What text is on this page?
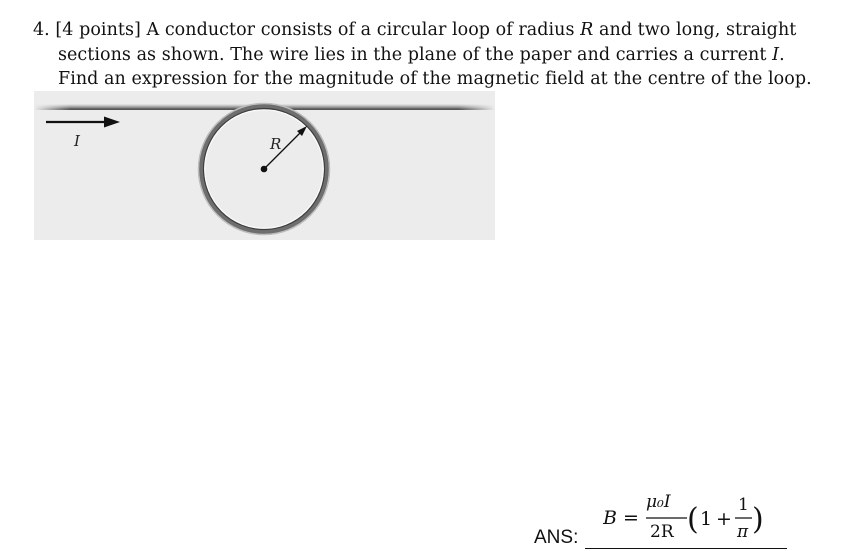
4. [4 points] A conductor consists of a circular loop of radius R and two long, straight
sections as shown. The wire lies in the plane of the paper and carries a current I.
Find an expression for the magnitude of the magnetic field at the centre of the loop.
I	R
ANS:
B =
μ₀I
2R ( 1 +
1
π )
